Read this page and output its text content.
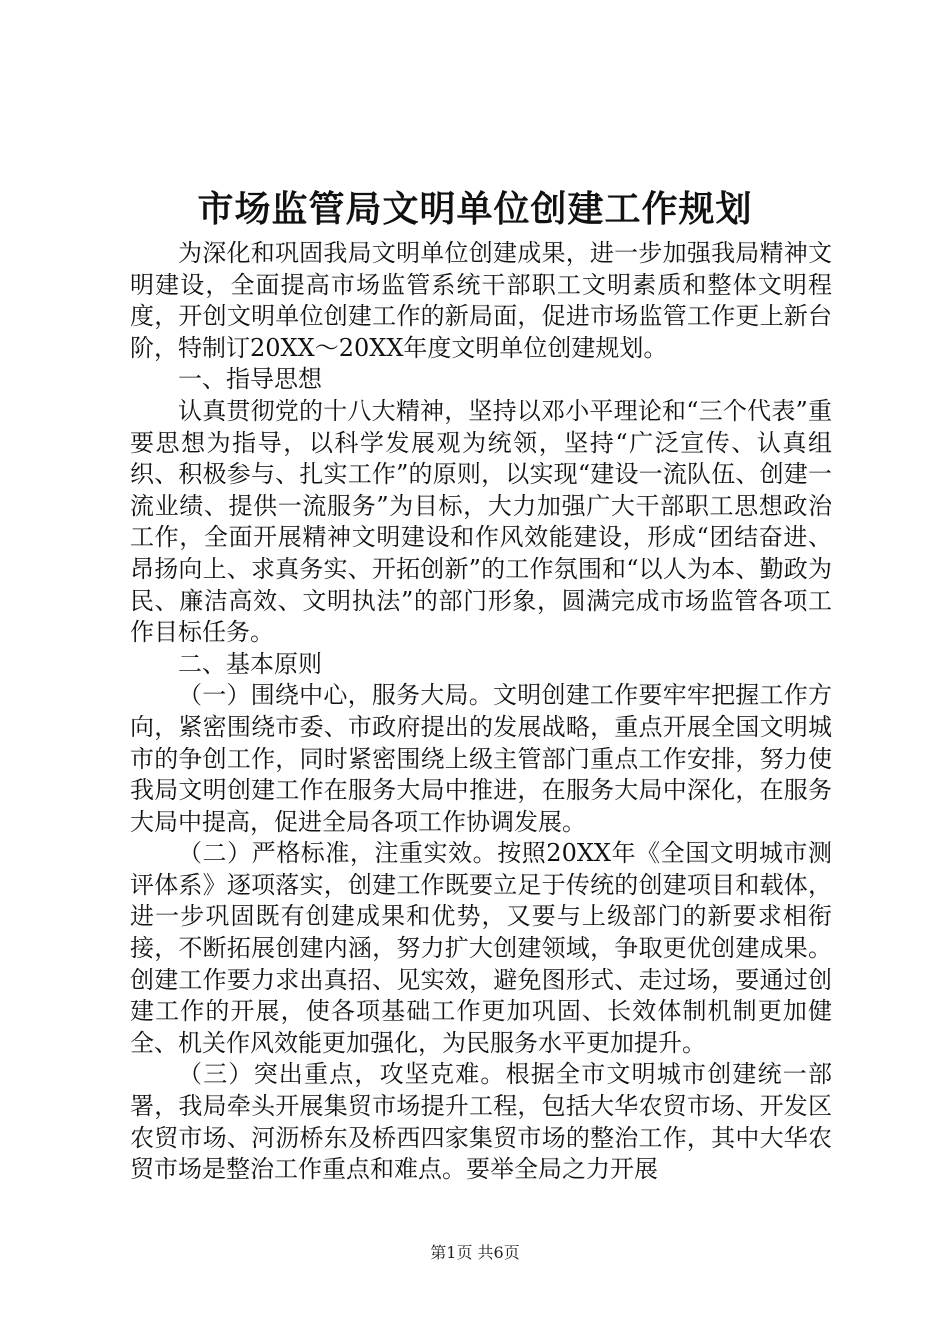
市场监管局文明单位创建工作规划

为深化和巩固我局文明单位创建成果，进一步加强我局精神文明建设，全面提高市场监管系统干部职工文明素质和整体文明程度，开创文明单位创建工作的新局面，促进市场监管工作更上新台阶，特制订20XX～20XX年度文明单位创建规划。

一、指导思想

认真贯彻党的十八大精神，坚持以邓小平理论和“三个代表”重要思想为指导，以科学发展观为统领，坚持“广泛宣传、认真组织、积极参与、扎实工作”的原则，以实现“建设一流队伍、创建一流业绩、提供一流服务”为目标，大力加强广大干部职工思想政治工作，全面开展精神文明建设和作风效能建设，形成“团结奋进、昂扬向上、求真务实、开拓创新”的工作氛围和“以人为本、勤政为民、廉洁高效、文明执法”的部门形象，圆满完成市场监管各项工作目标任务。

二、基本原则

（一）围绕中心，服务大局。文明创建工作要牢牢把握工作方向，紧密围绕市委、市政府提出的发展战略，重点开展全国文明城市的争创工作，同时紧密围绕上级主管部门重点工作安排，努力使我局文明创建工作在服务大局中推进，在服务大局中深化，在服务大局中提高，促进全局各项工作协调发展。

（二）严格标准，注重实效。按照20XX年《全国文明城市测评体系》逐项落实，创建工作既要立足于传统的创建项目和载体，进一步巩固既有创建成果和优势，又要与上级部门的新要求相衔接，不断拓展创建内涵，努力扩大创建领域，争取更优创建成果。创建工作要力求出真招、见实效，避免图形式、走过场，要通过创建工作的开展，使各项基础工作更加巩固、长效体制机制更加健全、机关作风效能更加强化，为民服务水平更加提升。

（三）突出重点，攻坚克难。根据全市文明城市创建统一部署，我局牵头开展集贸市场提升工程，包括大华农贸市场、开发区农贸市场、河沥桥东及桥西四家集贸市场的整治工作，其中大华农贸市场是整治工作重点和难点。要举全局之力开展

第1页 共6页
